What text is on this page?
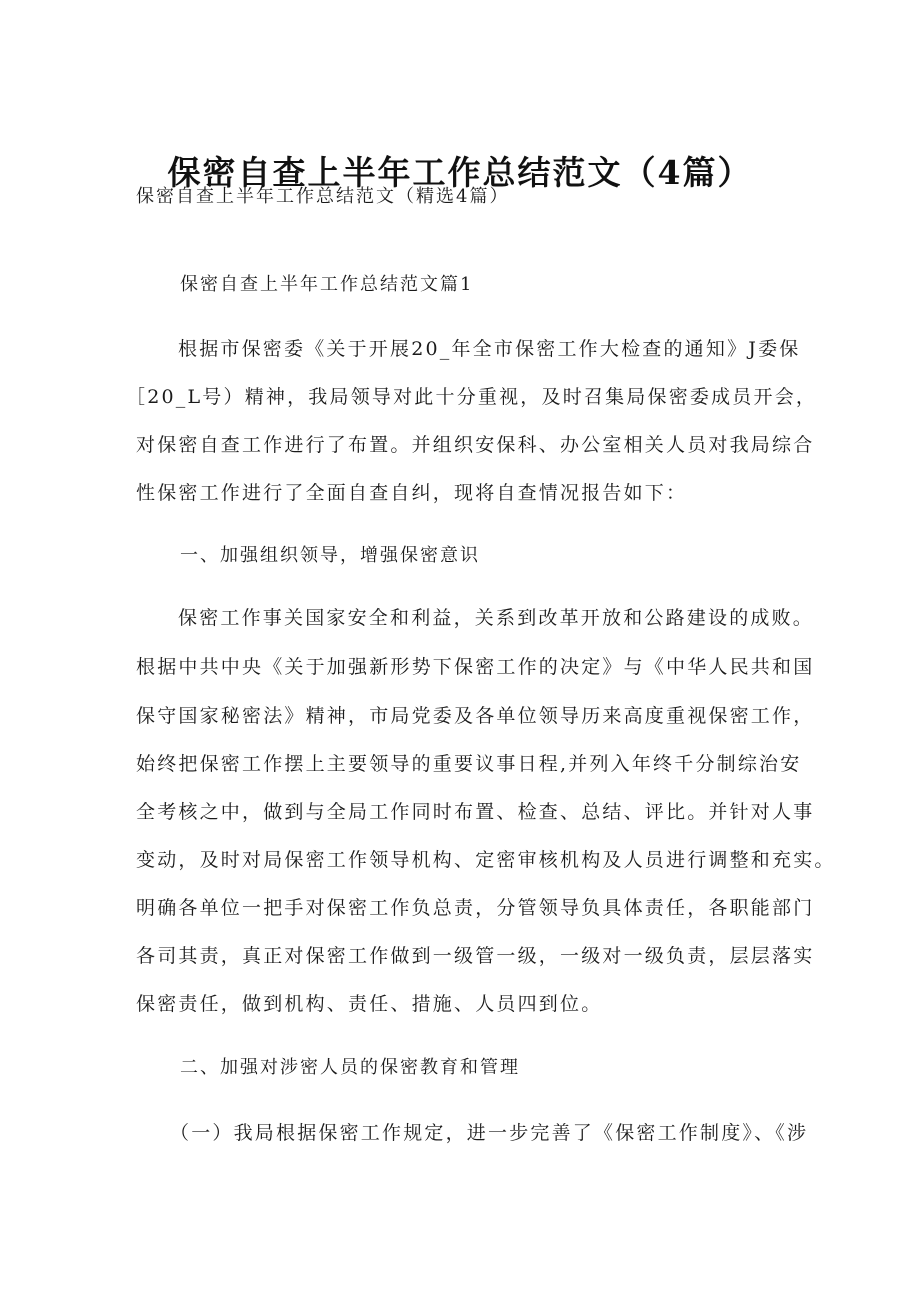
保密自查上半年工作总结范文（4篇）

保密自查上半年工作总结范文（精选4篇）

保密自查上半年工作总结范文篇1

根据市保密委《关于开展20_年全市保密工作大检查的通知》J委保

［20_L号）精神，我局领导对此十分重视，及时召集局保密委成员开会，

对保密自查工作进行了布置。并组织安保科、办公室相关人员对我局综合

性保密工作进行了全面自查自纠，现将自查情况报告如下：

一、加强组织领导，增强保密意识

保密工作事关国家安全和利益，关系到改革开放和公路建设的成败。

根据中共中央《关于加强新形势下保密工作的决定》与《中华人民共和国

保守国家秘密法》精神，市局党委及各单位领导历来高度重视保密工作，

始终把保密工作摆上主要领导的重要议事日程,并列入年终千分制综治安

全考核之中，做到与全局工作同时布置、检查、总结、评比。并针对人事

变动，及时对局保密工作领导机构、定密审核机构及人员进行调整和充实。

明确各单位一把手对保密工作负总责，分管领导负具体责任，各职能部门

各司其责，真正对保密工作做到一级管一级，一级对一级负责，层层落实

保密责任，做到机构、责任、措施、人员四到位。

二、加强对涉密人员的保密教育和管理

（一）我局根据保密工作规定，进一步完善了《保密工作制度》、《涉
